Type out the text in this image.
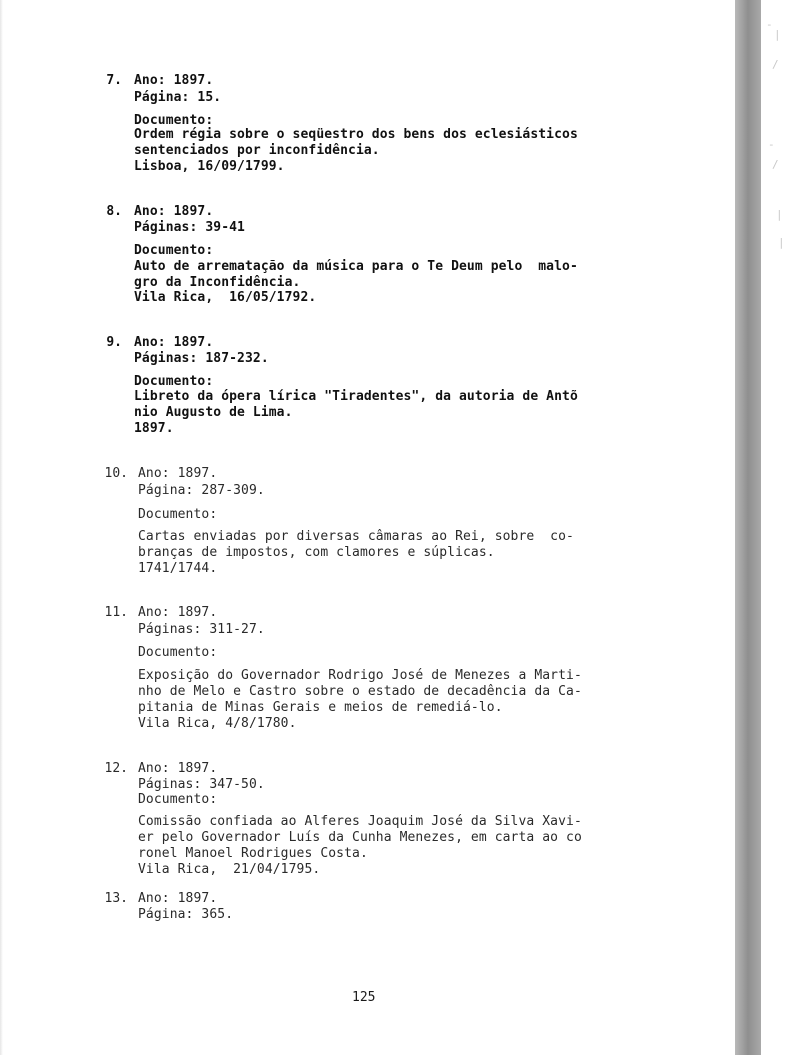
-
|
/
-
/
|
|
7. Ano: 1897.
Página: 15.
Documento:
Ordem régia sobre o seqüestro dos bens dos eclesiásticos
sentenciados por inconfidência.
Lisboa, 16/09/1799.
8. Ano: 1897.
Páginas: 39-41
Documento:
Auto de arrematação da música para o Te Deum pelo  malo-
gro da Inconfidência.
Vila Rica,  16/05/1792.
9. Ano: 1897.
Páginas: 187-232.
Documento:
Libreto da ópera lírica "Tiradentes", da autoria de Antõ
nio Augusto de Lima.
1897.
10. Ano: 1897.
Página: 287-309.
Documento:
Cartas enviadas por diversas câmaras ao Rei, sobre  co-
branças de impostos, com clamores e súplicas.
1741/1744.
11. Ano: 1897.
Páginas: 311-27.
Documento:
Exposição do Governador Rodrigo José de Menezes a Marti-
nho de Melo e Castro sobre o estado de decadência da Ca-
pitania de Minas Gerais e meios de remediá-lo.
Vila Rica, 4/8/1780.
12. Ano: 1897.
Páginas: 347-50.
Documento:
Comissão confiada ao Alferes Joaquim José da Silva Xavi-
er pelo Governador Luís da Cunha Menezes, em carta ao co
ronel Manoel Rodrigues Costa.
Vila Rica,  21/04/1795.
13. Ano: 1897.
Página: 365.
125
